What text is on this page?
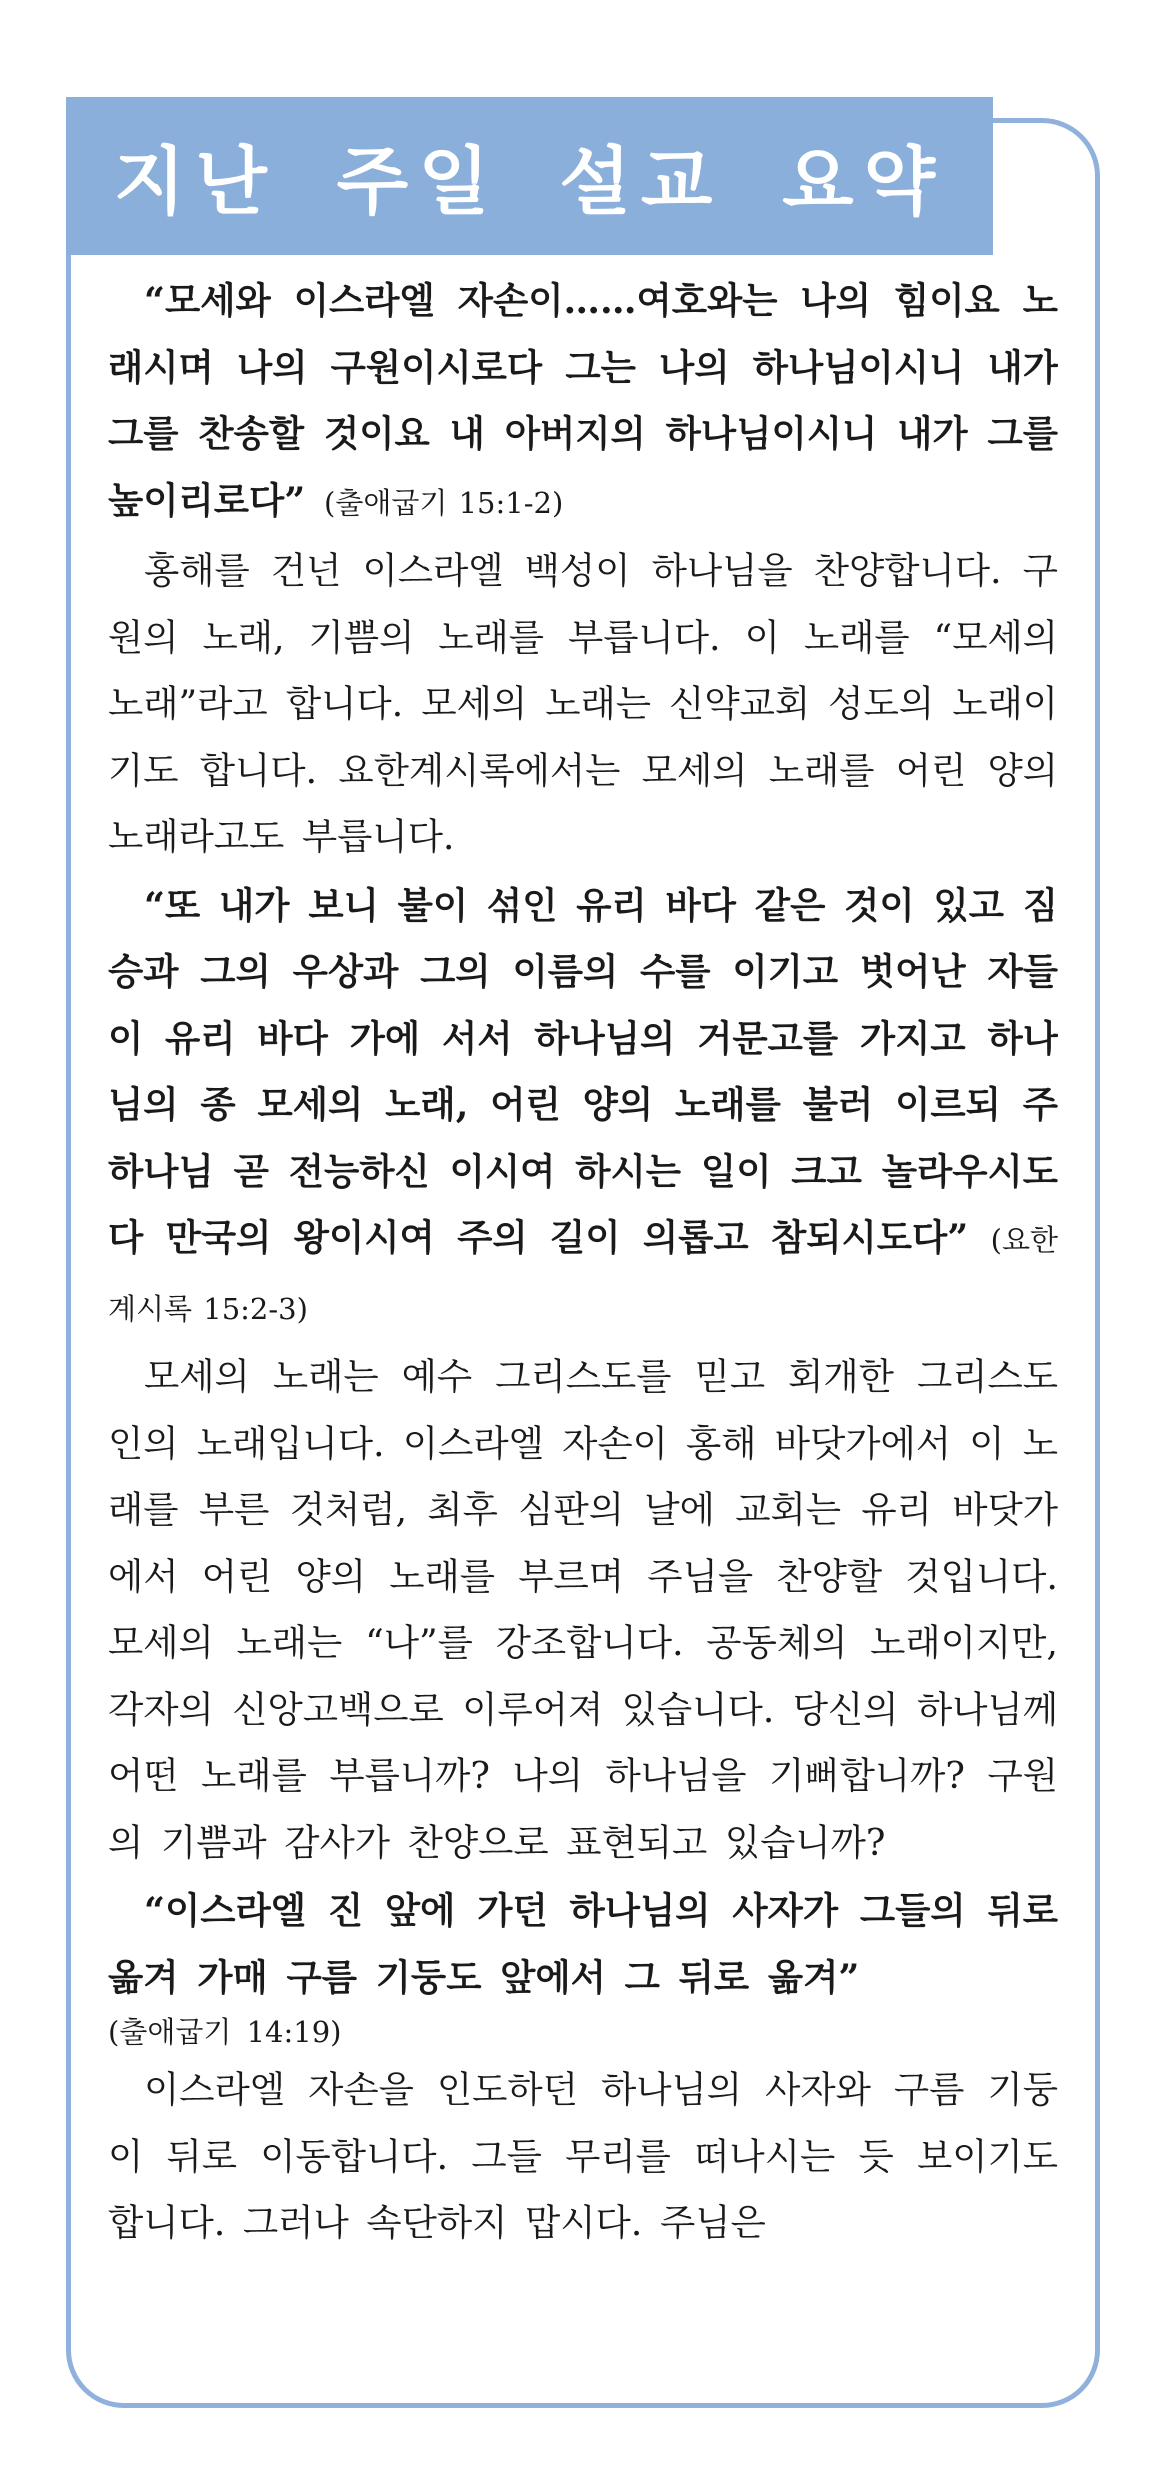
지난 주일 설교 요약

“모세와 이스라엘 자손이……여호와는 나의 힘이요 노래시며 나의 구원이시로다 그는 나의 하나님이시니 내가 그를 찬송할 것이요 내 아버지의 하나님이시니 내가 그를 높이리로다” (출애굽기 15:1-2)

홍해를 건넌 이스라엘 백성이 하나님을 찬양합니다. 구원의 노래, 기쁨의 노래를 부릅니다. 이 노래를 “모세의 노래”라고 합니다. 모세의 노래는 신약교회 성도의 노래이기도 합니다. 요한계시록에서는 모세의 노래를 어린 양의 노래라고도 부릅니다.

“또 내가 보니 불이 섞인 유리 바다 같은 것이 있고 짐승과 그의 우상과 그의 이름의 수를 이기고 벗어난 자들이 유리 바다 가에 서서 하나님의 거문고를 가지고 하나님의 종 모세의 노래, 어린 양의 노래를 불러 이르되 주 하나님 곧 전능하신 이시여 하시는 일이 크고 놀라우시도다 만국의 왕이시여 주의 길이 의롭고 참되시도다” (요한계시록 15:2-3)

모세의 노래는 예수 그리스도를 믿고 회개한 그리스도인의 노래입니다. 이스라엘 자손이 홍해 바닷가에서 이 노래를 부른 것처럼, 최후 심판의 날에 교회는 유리 바닷가에서 어린 양의 노래를 부르며 주님을 찬양할 것입니다. 모세의 노래는 “나”를 강조합니다. 공동체의 노래이지만, 각자의 신앙고백으로 이루어져 있습니다. 당신의 하나님께 어떤 노래를 부릅니까? 나의 하나님을 기뻐합니까? 구원의 기쁨과 감사가 찬양으로 표현되고 있습니까?

“이스라엘 진 앞에 가던 하나님의 사자가 그들의 뒤로 옮겨 가매 구름 기둥도 앞에서 그 뒤로 옮겨”
(출애굽기 14:19)

이스라엘 자손을 인도하던 하나님의 사자와 구름 기둥이 뒤로 이동합니다. 그들 무리를 떠나시는 듯 보이기도 합니다. 그러나 속단하지 맙시다. 주님은
